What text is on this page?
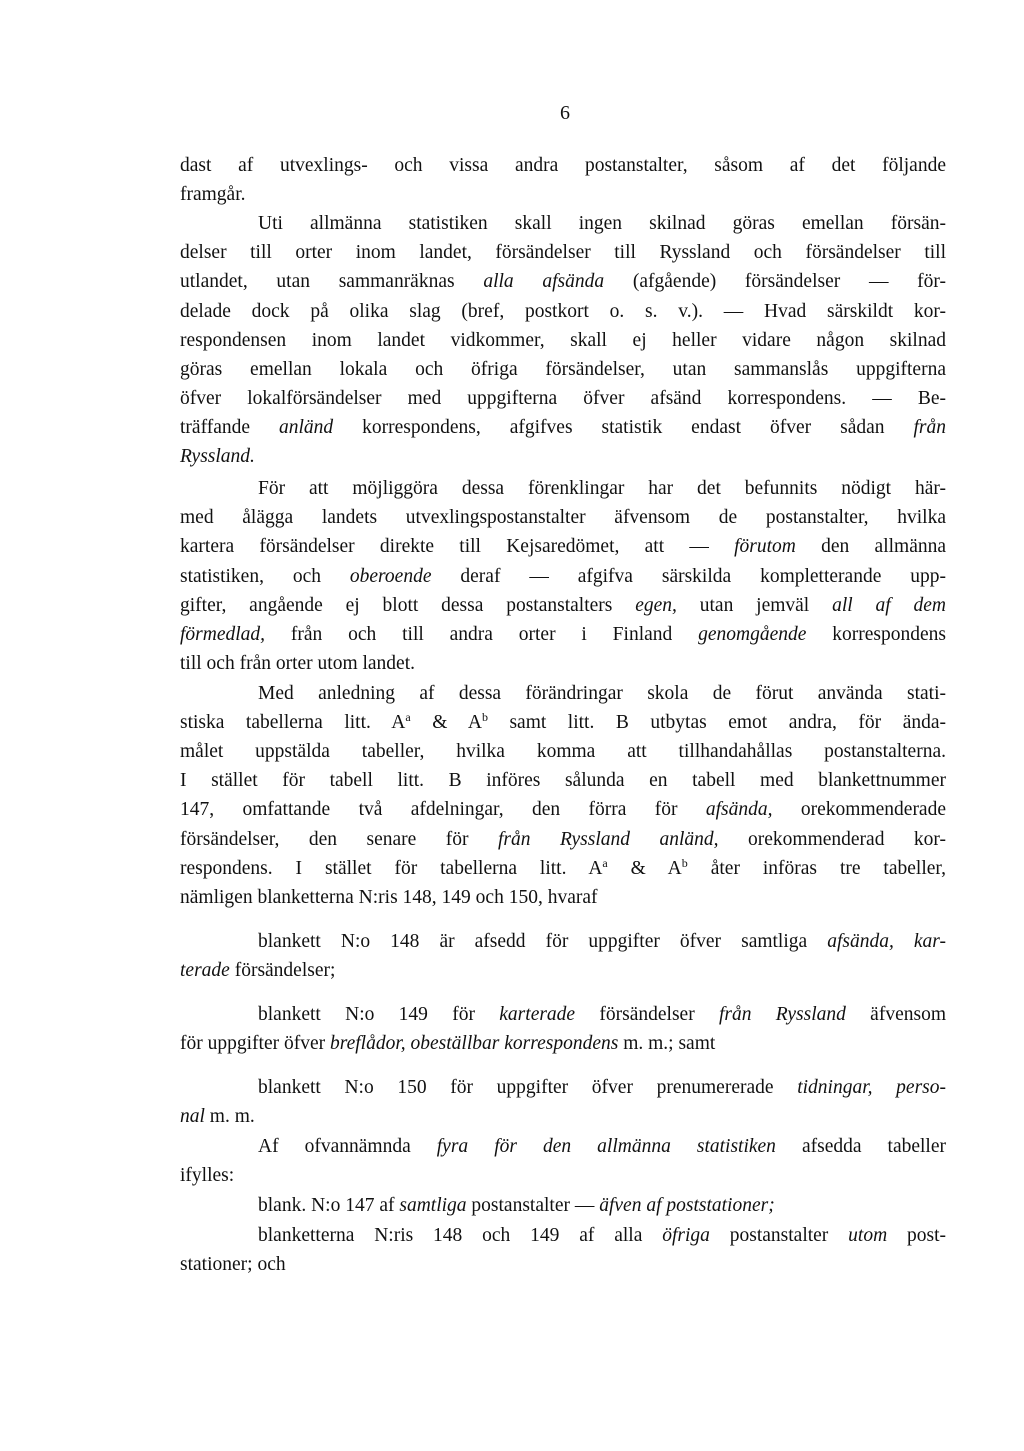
6
dast af utvexlings- och vissa andra postanstalter, såsom af det följande
framgår.
Uti allmänna statistiken skall ingen skilnad göras emellan försän-
delser till orter inom landet, försändelser till Ryssland och försändelser till
utlandet, utan sammanräknas alla afsända (afgående) försändelser — för-
delade dock på olika slag (bref, postkort o. s. v.). — Hvad särskildt kor-
respondensen inom landet vidkommer, skall ej heller vidare någon skilnad
göras emellan lokala och öfriga försändelser, utan sammanslås uppgifterna
öfver lokalförsändelser med uppgifterna öfver afsänd korrespondens. — Be-
träffande anländ korrespondens, afgifves statistik endast öfver sådan från
Ryssland.
För att möjliggöra dessa förenklingar har det befunnits nödigt här-
med ålägga landets utvexlingspostanstalter äfvensom de postanstalter, hvilka
kartera försändelser direkte till Kejsaredömet, att — förutom den allmänna
statistiken, och oberoende deraf — afgifva särskilda kompletterande upp-
gifter, angående ej blott dessa postanstalters egen, utan jemväl all af dem
förmedlad, från och till andra orter i Finland genomgående korrespondens
till och från orter utom landet.
Med anledning af dessa förändringar skola de förut använda stati-
stiska tabellerna litt. $A^a$ & $A^b$ samt litt. B utbytas emot andra, för ända-
målet uppstälda tabeller, hvilka komma att tillhandahållas postanstalterna.
I stället för tabell litt. B införes sålunda en tabell med blankettnummer
147, omfattande två afdelningar, den förra för afsända, orekommenderade
försändelser, den senare för från Ryssland anländ, orekommenderad kor-
respondens. I stället för tabellerna litt. $A^a$ & $A^b$ åter införas tre tabeller,
nämligen blanketterna N:ris 148, 149 och 150, hvaraf
blankett N:o 148 är afsedd för uppgifter öfver samtliga afsända, kar-
terade försändelser;
blankett N:o 149 för karterade försändelser från Ryssland äfvensom
för uppgifter öfver breflådor, obeställbar korrespondens m. m.; samt
blankett N:o 150 för uppgifter öfver prenumererade tidningar, perso-
nal m. m.
Af ofvannämnda fyra för den allmänna statistiken afsedda tabeller
ifylles:
blank. N:o 147 af samtliga postanstalter — äfven af poststationer;
blanketterna N:ris 148 och 149 af alla öfriga postanstalter utom post-
stationer; och
